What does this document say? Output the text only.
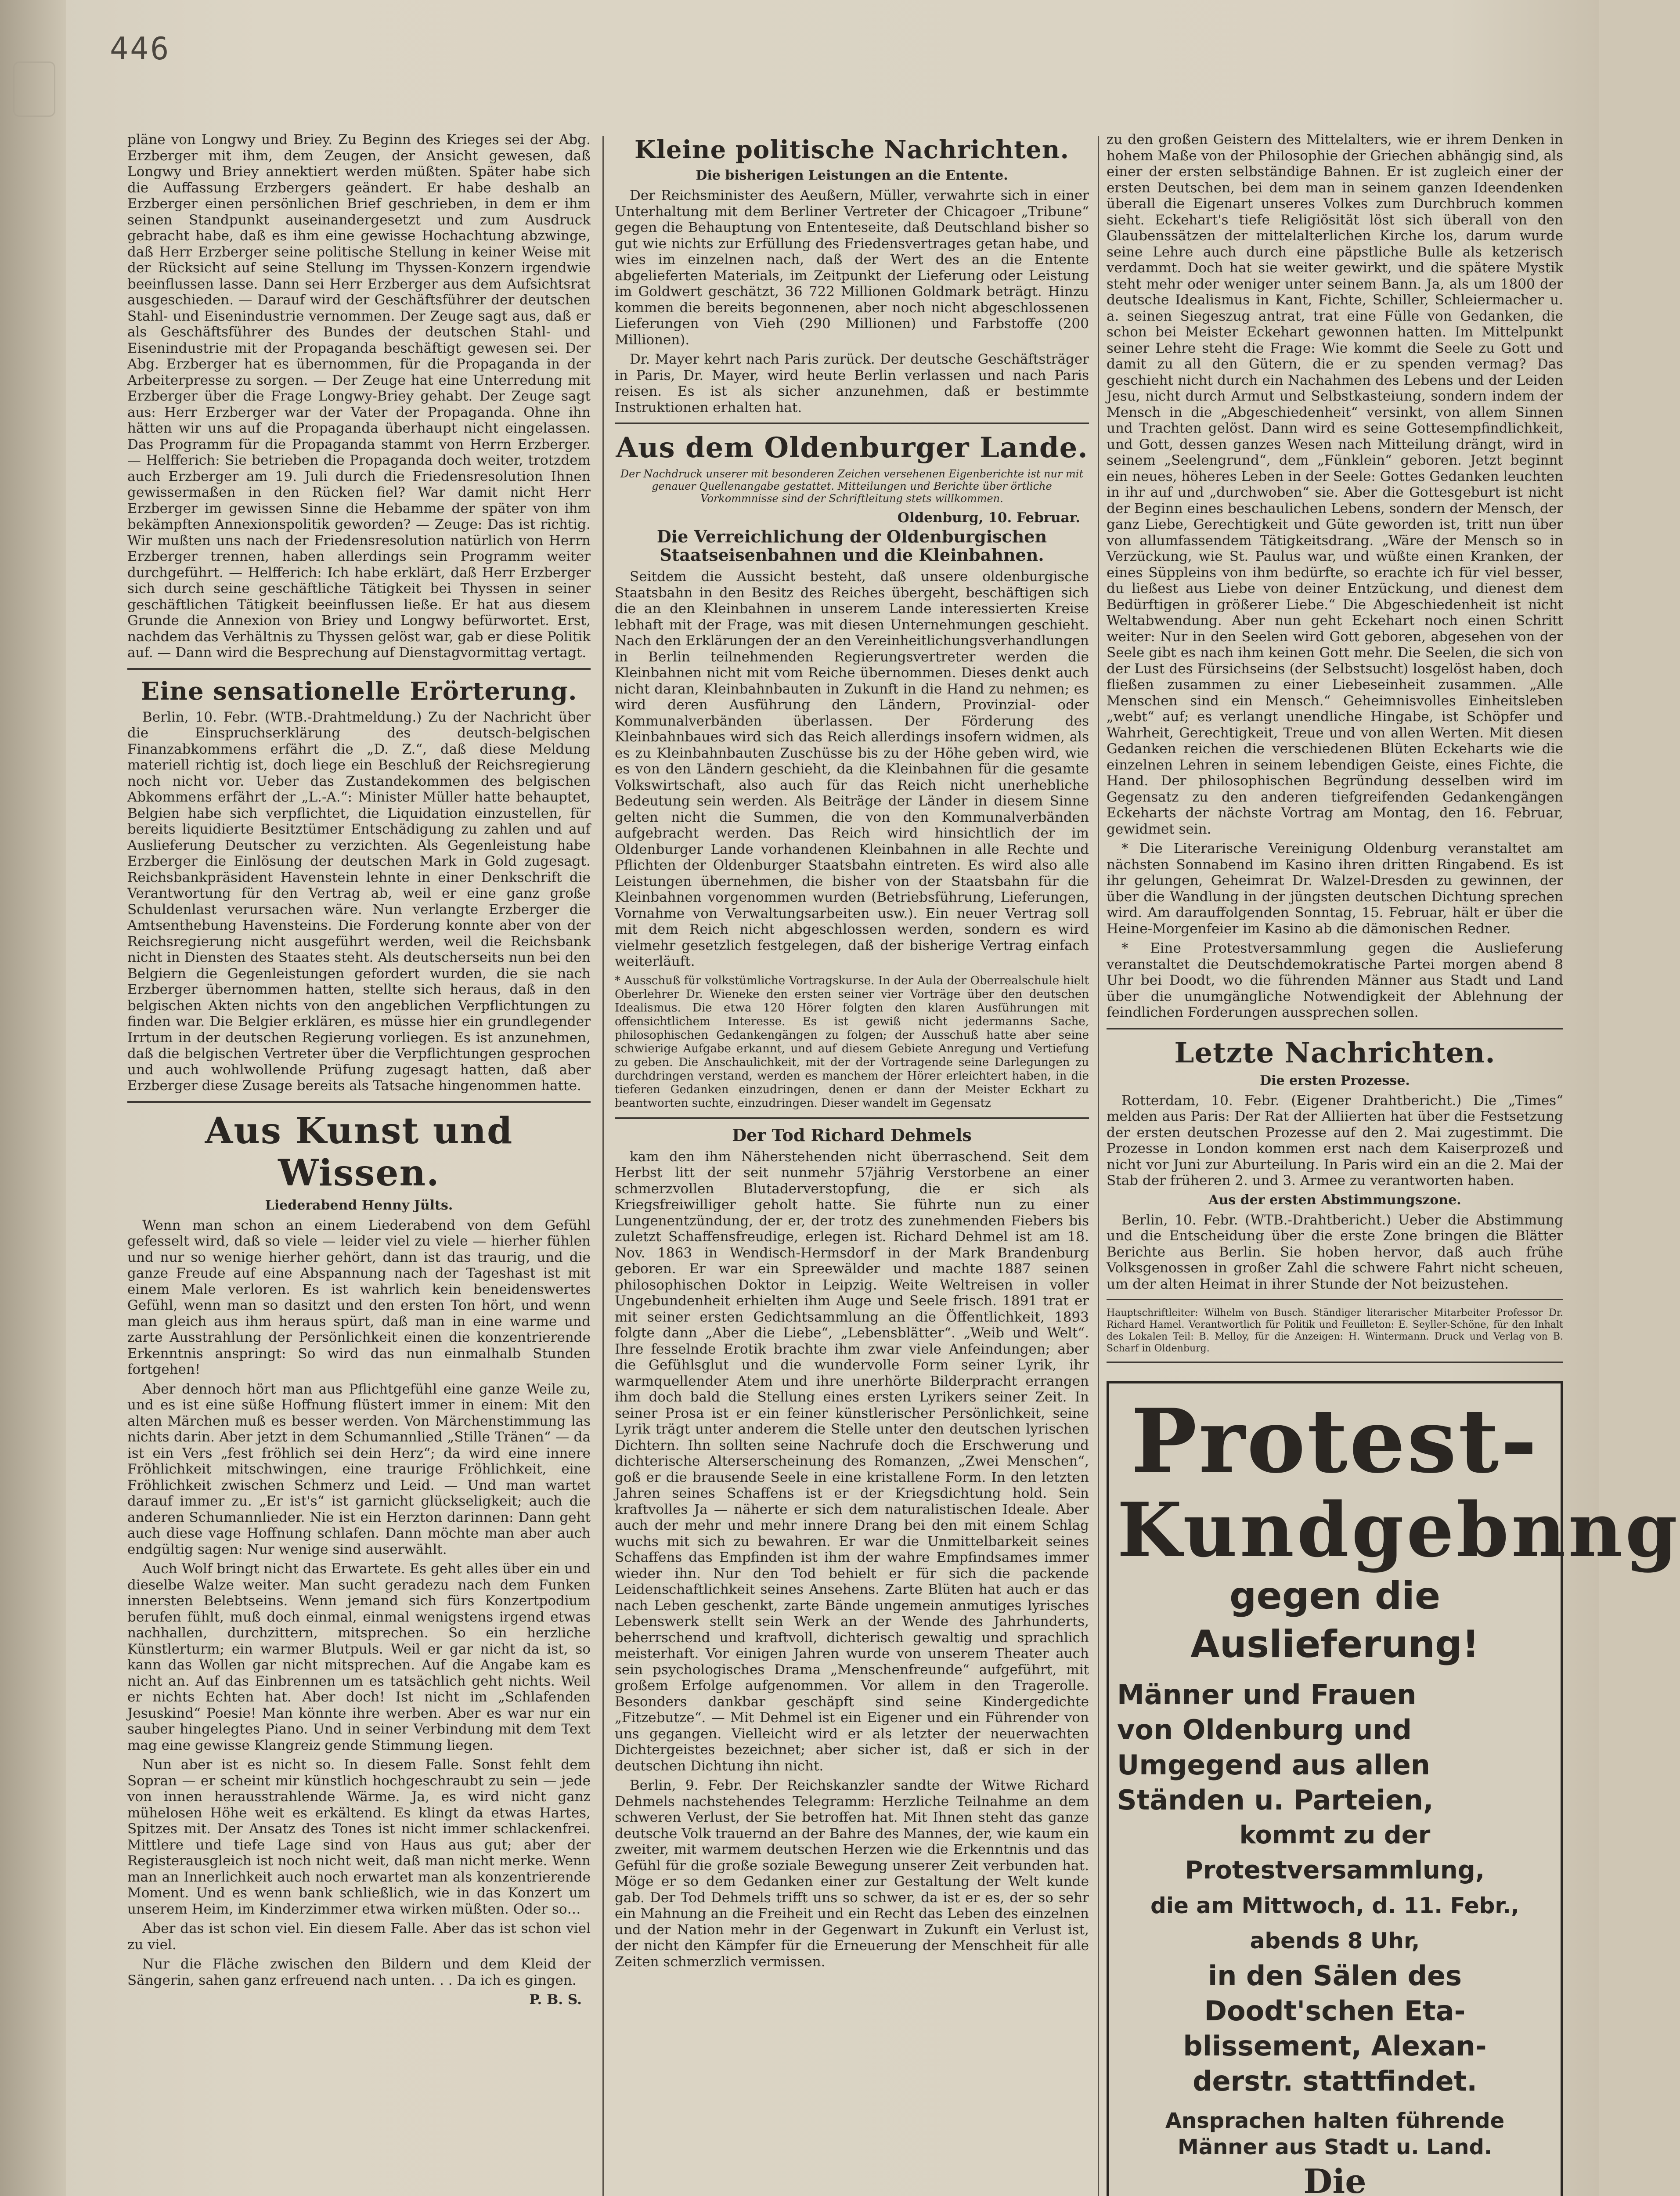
446

pläne von Longwy und Briey. Zu Beginn des Krieges sei der Abg. Erzberger mit ihm, dem Zeugen, der Ansicht gewesen, daß Longwy und Briey annektiert werden müßten. Später habe sich die Auffassung Erzbergers geändert. Er habe deshalb an Erzberger einen persönlichen Brief geschrieben, in dem er ihm seinen Standpunkt auseinandergesetzt und zum Ausdruck gebracht habe, daß es ihm eine gewisse Hochachtung abzwinge, daß Herr Erzberger seine politische Stellung in keiner Weise mit der Rücksicht auf seine Stellung im Thyssen-Konzern irgendwie beeinflussen lasse. Dann sei Herr Erzberger aus dem Aufsichtsrat ausgeschieden. — Darauf wird der Geschäftsführer der deutschen Stahl- und Eisenindustrie vernommen. Der Zeuge sagt aus, daß er als Geschäftsführer des Bundes der deutschen Stahl- und Eisenindustrie mit der Propaganda beschäftigt gewesen sei. Der Abg. Erzberger hat es übernommen, für die Propaganda in der Arbeiterpresse zu sorgen. — Der Zeuge hat eine Unterredung mit Erzberger über die Frage Longwy-Briey gehabt. Der Zeuge sagt aus: Herr Erzberger war der Vater der Propaganda. Ohne ihn hätten wir uns auf die Propaganda überhaupt nicht eingelassen. Das Programm für die Propaganda stammt von Herrn Erzberger. — Helfferich: Sie betrieben die Propaganda doch weiter, trotzdem auch Erzberger am 19. Juli durch die Friedensresolution Ihnen gewissermaßen in den Rücken fiel? War damit nicht Herr Erzberger im gewissen Sinne die Hebamme der später von ihm bekämpften Annexionspolitik geworden? — Zeuge: Das ist richtig. Wir mußten uns nach der Friedensresolution natürlich von Herrn Erzberger trennen, haben allerdings sein Programm weiter durchgeführt. — Helfferich: Ich habe erklärt, daß Herr Erzberger sich durch seine geschäftliche Tätigkeit bei Thyssen in seiner geschäftlichen Tätigkeit beeinflussen ließe. Er hat aus diesem Grunde die Annexion von Briey und Longwy befürwortet. Erst, nachdem das Verhältnis zu Thyssen gelöst war, gab er diese Politik auf. — Dann wird die Besprechung auf Dienstagvormittag vertagt.

Eine sensationelle Erörterung.

Berlin, 10. Febr. (WTB.-Drahtmeldung.) Zu der Nachricht über die Einspruchserklärung des deutsch-belgischen Finanzabkommens erfährt die „D. Z.“, daß diese Meldung materiell richtig ist, doch liege ein Beschluß der Reichsregierung noch nicht vor. Ueber das Zustandekommen des belgischen Abkommens erfährt der „L.-A.“: Minister Müller hatte behauptet, Belgien habe sich verpflichtet, die Liquidation einzustellen, für bereits liquidierte Besitztümer Entschädigung zu zahlen und auf Auslieferung Deutscher zu verzichten. Als Gegenleistung habe Erzberger die Einlösung der deutschen Mark in Gold zugesagt. Reichsbankpräsident Havenstein lehnte in einer Denkschrift die Verantwortung für den Vertrag ab, weil er eine ganz große Schuldenlast verursachen wäre. Nun verlangte Erzberger die Amtsenthebung Havensteins. Die Forderung konnte aber von der Reichsregierung nicht ausgeführt werden, weil die Reichsbank nicht in Diensten des Staates steht. Als deutscherseits nun bei den Belgiern die Gegenleistungen gefordert wurden, die sie nach Erzberger übernommen hatten, stellte sich heraus, daß in den belgischen Akten nichts von den angeblichen Verpflichtungen zu finden war. Die Belgier erklären, es müsse hier ein grundlegender Irrtum in der deutschen Regierung vorliegen. Es ist anzunehmen, daß die belgischen Vertreter über die Verpflichtungen gesprochen und auch wohlwollende Prüfung zugesagt hatten, daß aber Erzberger diese Zusage bereits als Tatsache hingenommen hatte.

Aus Kunst und Wissen.
Liederabend Henny Jülts.

Wenn man schon an einem Liederabend von dem Gefühl gefesselt wird, daß so viele — leider viel zu viele — hierher fühlen und nur so wenige hierher gehört, dann ist das traurig, und die ganze Freude auf eine Abspannung nach der Tageshast ist mit einem Male verloren. Es ist wahrlich kein beneidenswertes Gefühl, wenn man so dasitzt und den ersten Ton hört, und wenn man gleich aus ihm heraus spürt, daß man in eine warme und zarte Ausstrahlung der Persönlichkeit einen die konzentrierende Erkenntnis anspringt: So wird das nun einmalhalb Stunden fortgehen!

Aber dennoch hört man aus Pflichtgefühl eine ganze Weile zu, und es ist eine süße Hoffnung flüstert immer in einem: Mit den alten Märchen muß es besser werden. Von Märchenstimmung las nichts darin. Aber jetzt in dem Schumannlied „Stille Tränen“ — da ist ein Vers „fest fröhlich sei dein Herz“; da wird eine innere Fröhlichkeit mitschwingen, eine traurige Fröhlichkeit, eine Fröhlichkeit zwischen Schmerz und Leid. — Und man wartet darauf immer zu. „Er ist's“ ist garnicht glückseligkeit; auch die anderen Schumannlieder. Nie ist ein Herzton darinnen: Dann geht auch diese vage Hoffnung schlafen. Dann möchte man aber auch endgültig sagen: Nur wenige sind auserwählt.

Auch Wolf bringt nicht das Erwartete. Es geht alles über ein und dieselbe Walze weiter. Man sucht geradezu nach dem Funken innersten Belebtseins. Wenn jemand sich fürs Konzertpodium berufen fühlt, muß doch einmal, einmal wenigstens irgend etwas nachhallen, durchzittern, mitsprechen. So ein herzliche Künstlerturm; ein warmer Blutpuls. Weil er gar nicht da ist, so kann das Wollen gar nicht mitsprechen. Auf die Angabe kam es nicht an. Auf das Einbrennen um es tatsächlich geht nichts. Weil er nichts Echten hat. Aber doch! Ist nicht im „Schlafenden Jesuskind“ Poesie! Man könnte ihre werben. Aber es war nur ein sauber hingelegtes Piano. Und in seiner Verbindung mit dem Text mag eine gewisse Klangreiz gende Stimmung liegen.

Nun aber ist es nicht so. In diesem Falle. Sonst fehlt dem Sopran — er scheint mir künstlich hochgeschraubt zu sein — jede von innen herausstrahlende Wärme. Ja, es wird nicht ganz mühelosen Höhe weit es erkältend. Es klingt da etwas Hartes, Spitzes mit. Der Ansatz des Tones ist nicht immer schlackenfrei. Mittlere und tiefe Lage sind von Haus aus gut; aber der Registerausgleich ist noch nicht weit, daß man nicht merke. Wenn man an Innerlichkeit auch noch erwartet man als konzentrierende Moment. Und es wenn bank schließlich, wie in das Konzert um unserem Heim, im Kinderzimmer etwa wirken müßten. Oder so…

Aber das ist schon viel. Ein diesem Falle. Aber das ist schon viel zu viel.

Nur die Fläche zwischen den Bildern und dem Kleid der Sängerin, sahen ganz erfreuend nach unten. . . Da ich es gingen.

P. B. S.
Kleine politische Nachrichten.
Die bisherigen Leistungen an die Entente.

Der Reichsminister des Aeußern, Müller, verwahrte sich in einer Unterhaltung mit dem Berliner Vertreter der Chicagoer „Tribune“ gegen die Behauptung von Ententeseite, daß Deutschland bisher so gut wie nichts zur Erfüllung des Friedensvertrages getan habe, und wies im einzelnen nach, daß der Wert des an die Entente abgelieferten Materials, im Zeitpunkt der Lieferung oder Leistung im Goldwert geschätzt, 36 722 Millionen Goldmark beträgt. Hinzu kommen die bereits begonnenen, aber noch nicht abgeschlossenen Lieferungen von Vieh (290 Millionen) und Farbstoffe (200 Millionen).

Dr. Mayer kehrt nach Paris zurück. Der deutsche Geschäftsträger in Paris, Dr. Mayer, wird heute Berlin verlassen und nach Paris reisen. Es ist als sicher anzunehmen, daß er bestimmte Instruktionen erhalten hat.

Aus dem Oldenburger Lande.
Der Nachdruck unserer mit besonderen Zeichen versehenen Eigenberichte ist nur mit genauer Quellenangabe gestattet. Mitteilungen und Berichte über örtliche Vorkommnisse sind der Schriftleitung stets willkommen.
Oldenburg, 10. Februar.
Die Verreichlichung der Oldenburgischen Staatseisenbahnen und die Kleinbahnen.

Seitdem die Aussicht besteht, daß unsere oldenburgische Staatsbahn in den Besitz des Reiches übergeht, beschäftigen sich die an den Kleinbahnen in unserem Lande interessierten Kreise lebhaft mit der Frage, was mit diesen Unternehmungen geschieht. Nach den Erklärungen der an den Vereinheitlichungsverhandlungen in Berlin teilnehmenden Regierungsvertreter werden die Kleinbahnen nicht mit vom Reiche übernommen. Dieses denkt auch nicht daran, Kleinbahnbauten in Zukunft in die Hand zu nehmen; es wird deren Ausführung den Ländern, Provinzial- oder Kommunalverbänden überlassen. Der Förderung des Kleinbahnbaues wird sich das Reich allerdings insofern widmen, als es zu Kleinbahnbauten Zuschüsse bis zu der Höhe geben wird, wie es von den Ländern geschieht, da die Kleinbahnen für die gesamte Volkswirtschaft, also auch für das Reich nicht unerhebliche Bedeutung sein werden. Als Beiträge der Länder in diesem Sinne gelten nicht die Summen, die von den Kommunalverbänden aufgebracht werden. Das Reich wird hinsichtlich der im Oldenburger Lande vorhandenen Kleinbahnen in alle Rechte und Pflichten der Oldenburger Staatsbahn eintreten. Es wird also alle Leistungen übernehmen, die bisher von der Staatsbahn für die Kleinbahnen vorgenommen wurden (Betriebsführung, Lieferungen, Vornahme von Verwaltungsarbeiten usw.). Ein neuer Vertrag soll mit dem Reich nicht abgeschlossen werden, sondern es wird vielmehr gesetzlich festgelegen, daß der bisherige Vertrag einfach weiterläuft.

* Ausschuß für volkstümliche Vortragskurse. In der Aula der Oberrealschule hielt Oberlehrer Dr. Wieneke den ersten seiner vier Vorträge über den deutschen Idealismus. Die etwa 120 Hörer folgten den klaren Ausführungen mit offensichtlichem Interesse. Es ist gewiß nicht jedermanns Sache, philosophischen Gedankengängen zu folgen; der Ausschuß hatte aber seine schwierige Aufgabe erkannt, und auf diesem Gebiete Anregung und Vertiefung zu geben. Die Anschaulichkeit, mit der der Vortragende seine Darlegungen zu durchdringen verstand, werden es manchem der Hörer erleichtert haben, in die tieferen Gedanken einzudringen, denen er dann der Meister Eckhart zu beantworten suchte, einzudringen. Dieser wandelt im Gegensatz
Der Tod Richard Dehmels

kam den ihm Näherstehenden nicht überraschend. Seit dem Herbst litt der seit nunmehr 57jährig Verstorbene an einer schmerzvollen Blutaderverstopfung, die er sich als Kriegsfreiwilliger geholt hatte. Sie führte nun zu einer Lungenentzündung, der er, der trotz des zunehmenden Fiebers bis zuletzt Schaffensfreudige, erlegen ist. Richard Dehmel ist am 18. Nov. 1863 in Wendisch-Hermsdorf in der Mark Brandenburg geboren. Er war ein Spreewälder und machte 1887 seinen philosophischen Doktor in Leipzig. Weite Weltreisen in voller Ungebundenheit erhielten ihm Auge und Seele frisch. 1891 trat er mit seiner ersten Gedichtsammlung an die Öffentlichkeit, 1893 folgte dann „Aber die Liebe“, „Lebensblätter“. „Weib und Welt“. Ihre fesselnde Erotik brachte ihm zwar viele Anfeindungen; aber die Gefühlsglut und die wundervolle Form seiner Lyrik, ihr warmquellender Atem und ihre unerhörte Bilderpracht errangen ihm doch bald die Stellung eines ersten Lyrikers seiner Zeit. In seiner Prosa ist er ein feiner künstlerischer Persönlichkeit, seine Lyrik trägt unter anderem die Stelle unter den deutschen lyrischen Dichtern. Ihn sollten seine Nachrufe doch die Erschwerung und dichterische Alterserscheinung des Romanzen, „Zwei Menschen“, goß er die brausende Seele in eine kristallene Form. In den letzten Jahren seines Schaffens ist er der Kriegsdichtung hold. Sein kraftvolles Ja — näherte er sich dem naturalistischen Ideale. Aber auch der mehr und mehr innere Drang bei den mit einem Schlag wuchs mit sich zu bewahren. Er war die Unmittelbarkeit seines Schaffens das Empfinden ist ihm der wahre Empfindsames immer wieder ihn. Nur den Tod behielt er für sich die packende Leidenschaftlichkeit seines Ansehens. Zarte Blüten hat auch er das nach Leben geschenkt, zarte Bände ungemein anmutiges lyrisches Lebenswerk stellt sein Werk an der Wende des Jahrhunderts, beherrschend und kraftvoll, dichterisch gewaltig und sprachlich meisterhaft. Vor einigen Jahren wurde von unserem Theater auch sein psychologisches Drama „Menschenfreunde“ aufgeführt, mit großem Erfolge aufgenommen. Vor allem in den Tragerolle. Besonders dankbar geschäpft sind seine Kindergedichte „Fitzebutze“. — Mit Dehmel ist ein Eigener und ein Führender von uns gegangen. Vielleicht wird er als letzter der neuerwachten Dichtergeistes bezeichnet; aber sicher ist, daß er sich in der deutschen Dichtung ihn nicht.

Berlin, 9. Febr. Der Reichskanzler sandte der Witwe Richard Dehmels nachstehendes Telegramm: Herzliche Teilnahme an dem schweren Verlust, der Sie betroffen hat. Mit Ihnen steht das ganze deutsche Volk trauernd an der Bahre des Mannes, der, wie kaum ein zweiter, mit warmem deutschen Herzen wie die Erkenntnis und das Gefühl für die große soziale Bewegung unserer Zeit verbunden hat. Möge er so dem Gedanken einer zur Gestaltung der Welt kunde gab. Der Tod Dehmels trifft uns so schwer, da ist er es, der so sehr ein Mahnung an die Freiheit und ein Recht das Leben des einzelnen und der Nation mehr in der Gegenwart in Zukunft ein Verlust ist, der nicht den Kämpfer für die Erneuerung der Menschheit für alle Zeiten schmerzlich vermissen.

zu den großen Geistern des Mittelalters, wie er ihrem Denken in hohem Maße von der Philosophie der Griechen abhängig sind, als einer der ersten selbständige Bahnen. Er ist zugleich einer der ersten Deutschen, bei dem man in seinem ganzen Ideendenken überall die Eigenart unseres Volkes zum Durchbruch kommen sieht. Eckehart's tiefe Religiösität löst sich überall von den Glaubenssätzen der mittelalterlichen Kirche los, darum wurde seine Lehre auch durch eine päpstliche Bulle als ketzerisch verdammt. Doch hat sie weiter gewirkt, und die spätere Mystik steht mehr oder weniger unter seinem Bann. Ja, als um 1800 der deutsche Idealismus in Kant, Fichte, Schiller, Schleiermacher u. a. seinen Siegeszug antrat, trat eine Fülle von Gedanken, die schon bei Meister Eckehart gewonnen hatten. Im Mittelpunkt seiner Lehre steht die Frage: Wie kommt die Seele zu Gott und damit zu all den Gütern, die er zu spenden vermag? Das geschieht nicht durch ein Nachahmen des Lebens und der Leiden Jesu, nicht durch Armut und Selbstkasteiung, sondern indem der Mensch in die „Abgeschiedenheit“ versinkt, von allem Sinnen und Trachten gelöst. Dann wird es seine Gottesempfindlichkeit, und Gott, dessen ganzes Wesen nach Mitteilung drängt, wird in seinem „Seelengrund“, dem „Fünklein“ geboren. Jetzt beginnt ein neues, höheres Leben in der Seele: Gottes Gedanken leuchten in ihr auf und „durchwoben“ sie. Aber die Gottesgeburt ist nicht der Beginn eines beschaulichen Lebens, sondern der Mensch, der ganz Liebe, Gerechtigkeit und Güte geworden ist, tritt nun über von allumfassendem Tätigkeitsdrang. „Wäre der Mensch so in Verzückung, wie St. Paulus war, und wüßte einen Kranken, der eines Süppleins von ihm bedürfte, so erachte ich für viel besser, du ließest aus Liebe von deiner Entzückung, und dienest dem Bedürftigen in größerer Liebe.“ Die Abgeschiedenheit ist nicht Weltabwendung. Aber nun geht Eckehart noch einen Schritt weiter: Nur in den Seelen wird Gott geboren, abgesehen von der Seele gibt es nach ihm keinen Gott mehr. Die Seelen, die sich von der Lust des Fürsichseins (der Selbstsucht) losgelöst haben, doch fließen zusammen zu einer Liebeseinheit zusammen. „Alle Menschen sind ein Mensch.“ Geheimnisvolles Einheitsleben „webt“ auf; es verlangt unendliche Hingabe, ist Schöpfer und Wahrheit, Gerechtigkeit, Treue und von allen Werten. Mit diesen Gedanken reichen die verschiedenen Blüten Eckeharts wie die einzelnen Lehren in seinem lebendigen Geiste, eines Fichte, die Hand. Der philosophischen Begründung desselben wird im Gegensatz zu den anderen tiefgreifenden Gedankengängen Eckeharts der nächste Vortrag am Montag, den 16. Februar, gewidmet sein.

* Die Literarische Vereinigung Oldenburg veranstaltet am nächsten Sonnabend im Kasino ihren dritten Ringabend. Es ist ihr gelungen, Geheimrat Dr. Walzel-Dresden zu gewinnen, der über die Wandlung in der jüngsten deutschen Dichtung sprechen wird. Am darauffolgenden Sonntag, 15. Februar, hält er über die Heine-Morgenfeier im Kasino ab die dämonischen Redner.

* Eine Protestversammlung gegen die Auslieferung veranstaltet die Deutschdemokratische Partei morgen abend 8 Uhr bei Doodt, wo die führenden Männer aus Stadt und Land über die unumgängliche Notwendigkeit der Ablehnung der feindlichen Forderungen aussprechen sollen.

Letzte Nachrichten.
Die ersten Prozesse.

Rotterdam, 10. Febr. (Eigener Drahtbericht.) Die „Times“ melden aus Paris: Der Rat der Alliierten hat über die Festsetzung der ersten deutschen Prozesse auf den 2. Mai zugestimmt. Die Prozesse in London kommen erst nach dem Kaiserprozeß und nicht vor Juni zur Aburteilung. In Paris wird ein an die 2. Mai der Stab der früheren 2. und 3. Armee zu verantworten haben.

Aus der ersten Abstimmungszone.

Berlin, 10. Febr. (WTB.-Drahtbericht.) Ueber die Abstimmung und die Entscheidung über die erste Zone bringen die Blätter Berichte aus Berlin. Sie hoben hervor, daß auch frühe Volksgenossen in großer Zahl die schwere Fahrt nicht scheuen, um der alten Heimat in ihrer Stunde der Not beizustehen.

Hauptschriftleiter: Wilhelm von Busch. Ständiger literarischer Mitarbeiter Professor Dr. Richard Hamel. Verantwortlich für Politik und Feuilleton: E. Seyller-Schöne, für den Inhalt des Lokalen Teil: B. Melloy, für die Anzeigen: H. Wintermann. Druck und Verlag von B. Scharf in Oldenburg.
Protest-
Kundgebnng
gegen die Auslieferung!
Männer und Frauen
von Oldenburg und
Umgegend aus allen
Ständen u. Parteien,
kommt zu der Protestversammlung,
die am Mittwoch, d. 11. Febr., abends 8 Uhr,
in den Sälen des
Doodt'schen Eta-
blissement, Alexan-
derstr. stattfindet.
Ansprachen halten führende Männer aus Stadt u. Land.
Die
